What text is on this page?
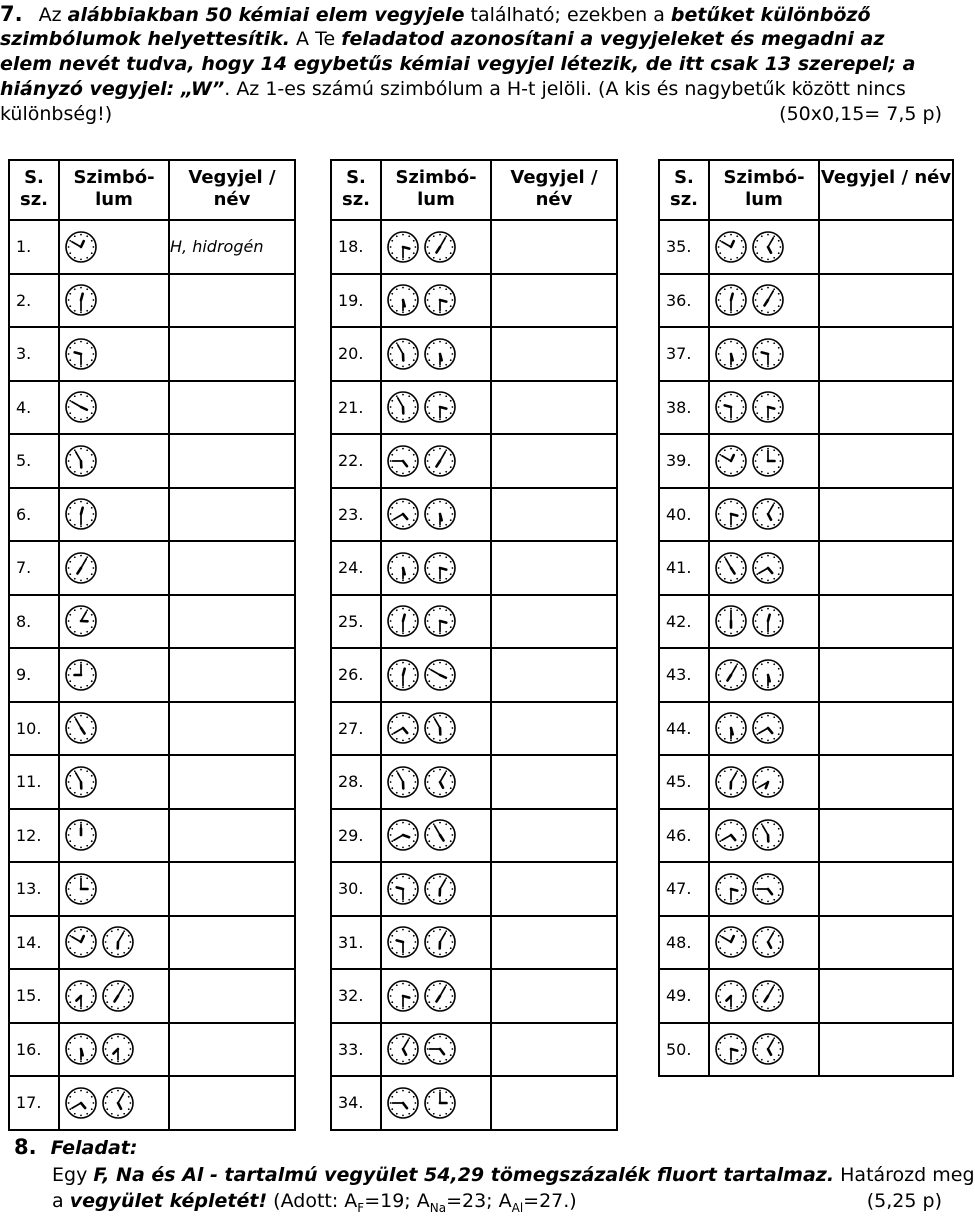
7. Az alábbiakban 50 kémiai elem vegyjele található; ezekben a betűket különböző
szimbólumok helyettesítik. A Te feladatod azonosítani a vegyjeleket és megadni az
elem nevét tudva, hogy 14 egybetűs kémiai vegyjel létezik, de itt csak 13 szerepel; a
hiányzó vegyjel: „W”. Az 1-es számú szimbólum a H-t jelöli. (A kis és nagybetűk között nincs
különbség!)	(50x0,15= 7,5 p)
S. sz.	Szimbó-lum	Vegyjel / név
1.		H, hidrogén
2.		
3.		
4.		
5.		
6.		
7.		
8.		
9.		
10.		
11.		
12.		
13.		
14.		
15.		
16.		
17.		
S. sz.	Szimbó-lum	Vegyjel / név
18.		
19.		
20.		
21.		
22.		
23.		
24.		
25.		
26.		
27.		
28.		
29.		
30.		
31.		
32.		
33.		
34.		
S. sz.	Szimbó-lum	Vegyjel / név
35.		
36.		
37.		
38.		
39.		
40.		
41.		
42.		
43.		
44.		
45.		
46.		
47.		
48.		
49.		
50.		
8. Feladat:
Egy F, Na és Al - tartalmú vegyület 54,29 tömegszázalék fluort tartalmaz. Határozd meg
a vegyület képletét! (Adott: $A_F=19$; $A_{Na}=23$; $A_{Al}=27$.)	(5,25 p)
